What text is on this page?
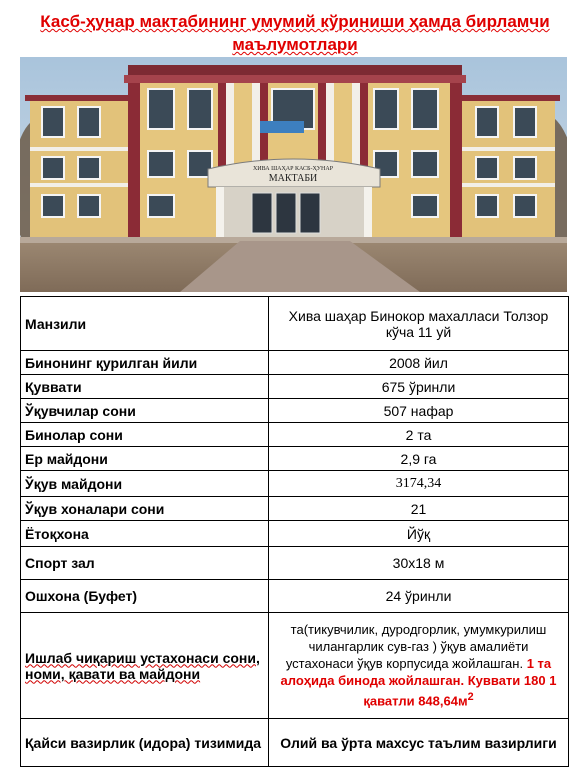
Касб-ҳунар мактабининг умумий кўриниши ҳамда бирламчи маълумотлари
ХИВА ШАҲАР КАСБ-ҲУНАР
МАКТАБИ
Манзили	Хива шаҳар Бинокор махалласи Толзор кўча 11 уй
Бинонинг қурилган йили	2008 йил
Қуввати	675 ўринли
Ўқувчилар сони	507 нафар
Бинолар сони	2 та
Ер майдони	2,9 га
Ўқув майдони	3174,34
Ўқув хоналари сони	21
Ётоқхона	Йўқ
Спорт зал	30х18 м
Ошхона (Буфет)	24 ўринли
Ишлаб чиқариш устахонаси сони, номи, қавати ва майдони	та(тикувчилик, дуродгорлик, умумкурилиш чилангарлик сув-газ ) ўқув амалиёти устахонаси ўқув корпусида жойлашган. 1 та алоҳида бинода жойлашган. Куввати 180 1 қаватли $848,64м^2$
Қайси вазирлик (идора) тизимида	Олий ва ўрта махсус таълим вазирлиги
